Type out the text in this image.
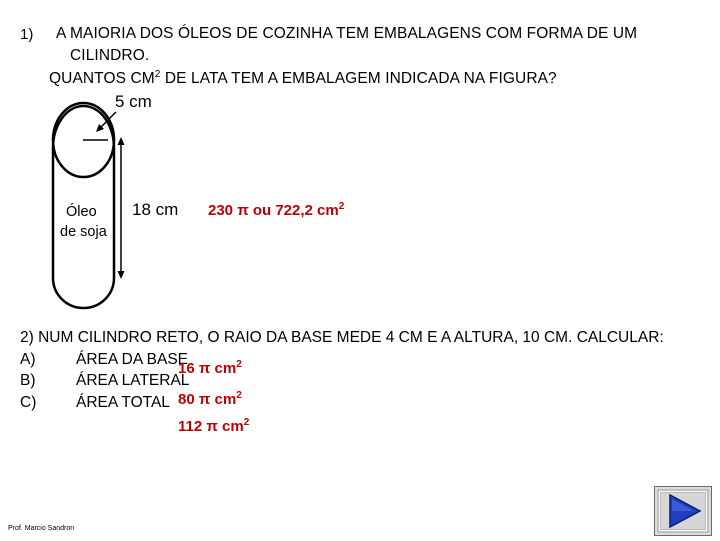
1) A MAIORIA DOS ÓLEOS DE COZINHA TEM EMBALAGENS COM FORMA DE UM
CILINDRO.
QUANTOS $CM^2$ DE LATA TEM A EMBALAGEM INDICADA NA FIGURA?
5 cm
18 cm
Óleo
de soja
230 π ou 722,2 $cm^2$
2) NUM CILINDRO RETO, O RAIO DA BASE MEDE 4 CM E A ALTURA, 10 CM. CALCULAR:
A)	ÁREA DA BASE
B)	ÁREA LATERAL
C)	ÁREA TOTAL
16 π $cm^2$
80 π $cm^2$
112 π $cm^2$
Prof. Marcio Sandron
